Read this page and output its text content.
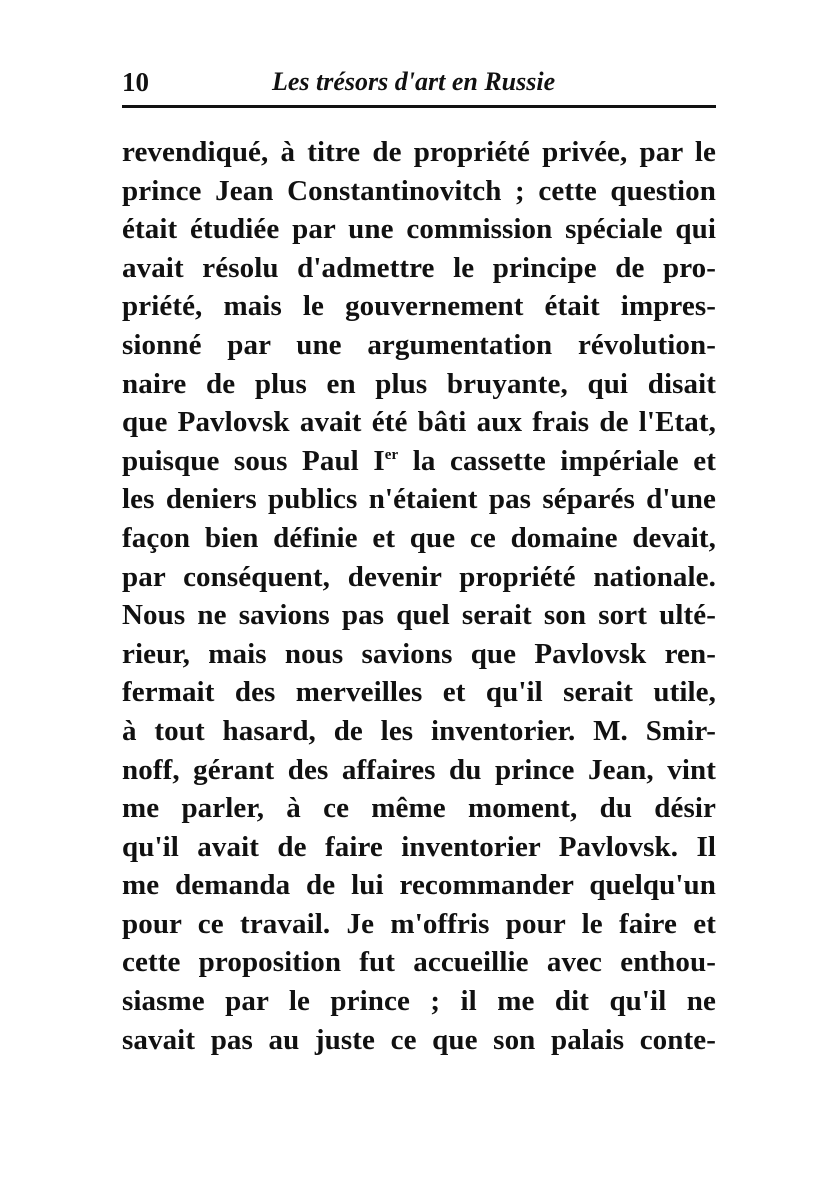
10	Les trésors d'art en Russie
revendiqué, à titre de propriété privée, par le
prince Jean Constantinovitch ; cette question
était étudiée par une commission spéciale qui
avait résolu d'admettre le principe de pro-
priété, mais le gouvernement était impres-
sionné par une argumentation révolution-
naire de plus en plus bruyante, qui disait
que Pavlovsk avait été bâti aux frais de l'Etat,
puisque sous Paul Ier la cassette impériale et
les deniers publics n'étaient pas séparés d'une
façon bien définie et que ce domaine devait,
par conséquent, devenir propriété nationale.
Nous ne savions pas quel serait son sort ulté-
rieur, mais nous savions que Pavlovsk ren-
fermait des merveilles et qu'il serait utile,
à tout hasard, de les inventorier. M. Smir-
noff, gérant des affaires du prince Jean, vint
me parler, à ce même moment, du désir
qu'il avait de faire inventorier Pavlovsk. Il
me demanda de lui recommander quelqu'un
pour ce travail. Je m'offris pour le faire et
cette proposition fut accueillie avec enthou-
siasme par le prince ; il me dit qu'il ne
savait pas au juste ce que son palais conte-
